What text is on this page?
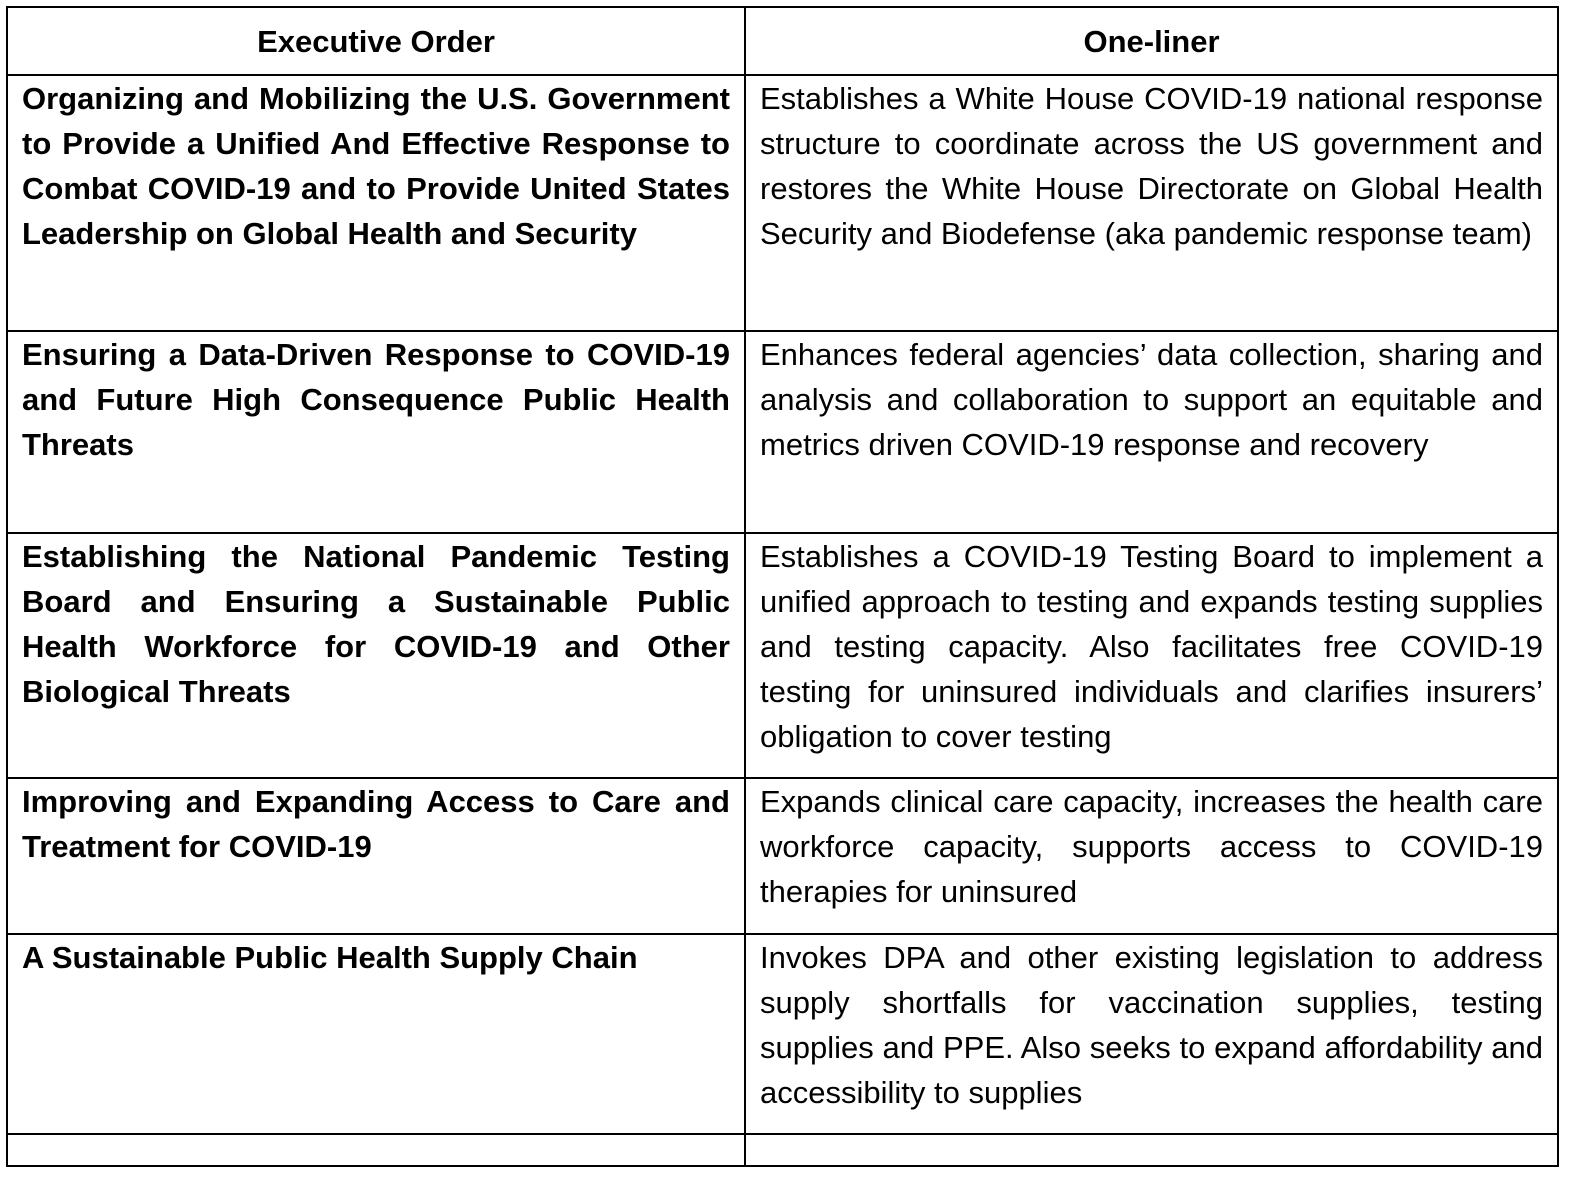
Executive Order	One-liner
Organizing and Mobilizing the U.S. Government to Provide a Unified And Effective Response to Combat COVID-19 and to Provide United States Leadership on Global Health and Security	Establishes a White House COVID-19 national response structure to coordinate across the US government and restores the White House Directorate on Global Health Security and Biodefense (aka pandemic response team)
Ensuring a Data-Driven Response to COVID-19 and Future High Consequence Public Health Threats	Enhances federal agencies’ data collection, sharing and analysis and collaboration to support an equitable and metrics driven COVID-19 response and recovery
Establishing the National Pandemic Testing Board and Ensuring a Sustainable Public Health Workforce for COVID-19 and Other Biological Threats	Establishes a COVID-19 Testing Board to implement a unified approach to testing and expands testing supplies and testing capacity. Also facilitates free COVID-19 testing for uninsured individuals and clarifies insurers’ obligation to cover testing
Improving and Expanding Access to Care and Treatment for COVID-19	Expands clinical care capacity, increases the health care workforce capacity, supports access to COVID-19 therapies for uninsured
A Sustainable Public Health Supply Chain	Invokes DPA and other existing legislation to address supply shortfalls for vaccination supplies, testing supplies and PPE. Also seeks to expand affordability and accessibility to supplies
